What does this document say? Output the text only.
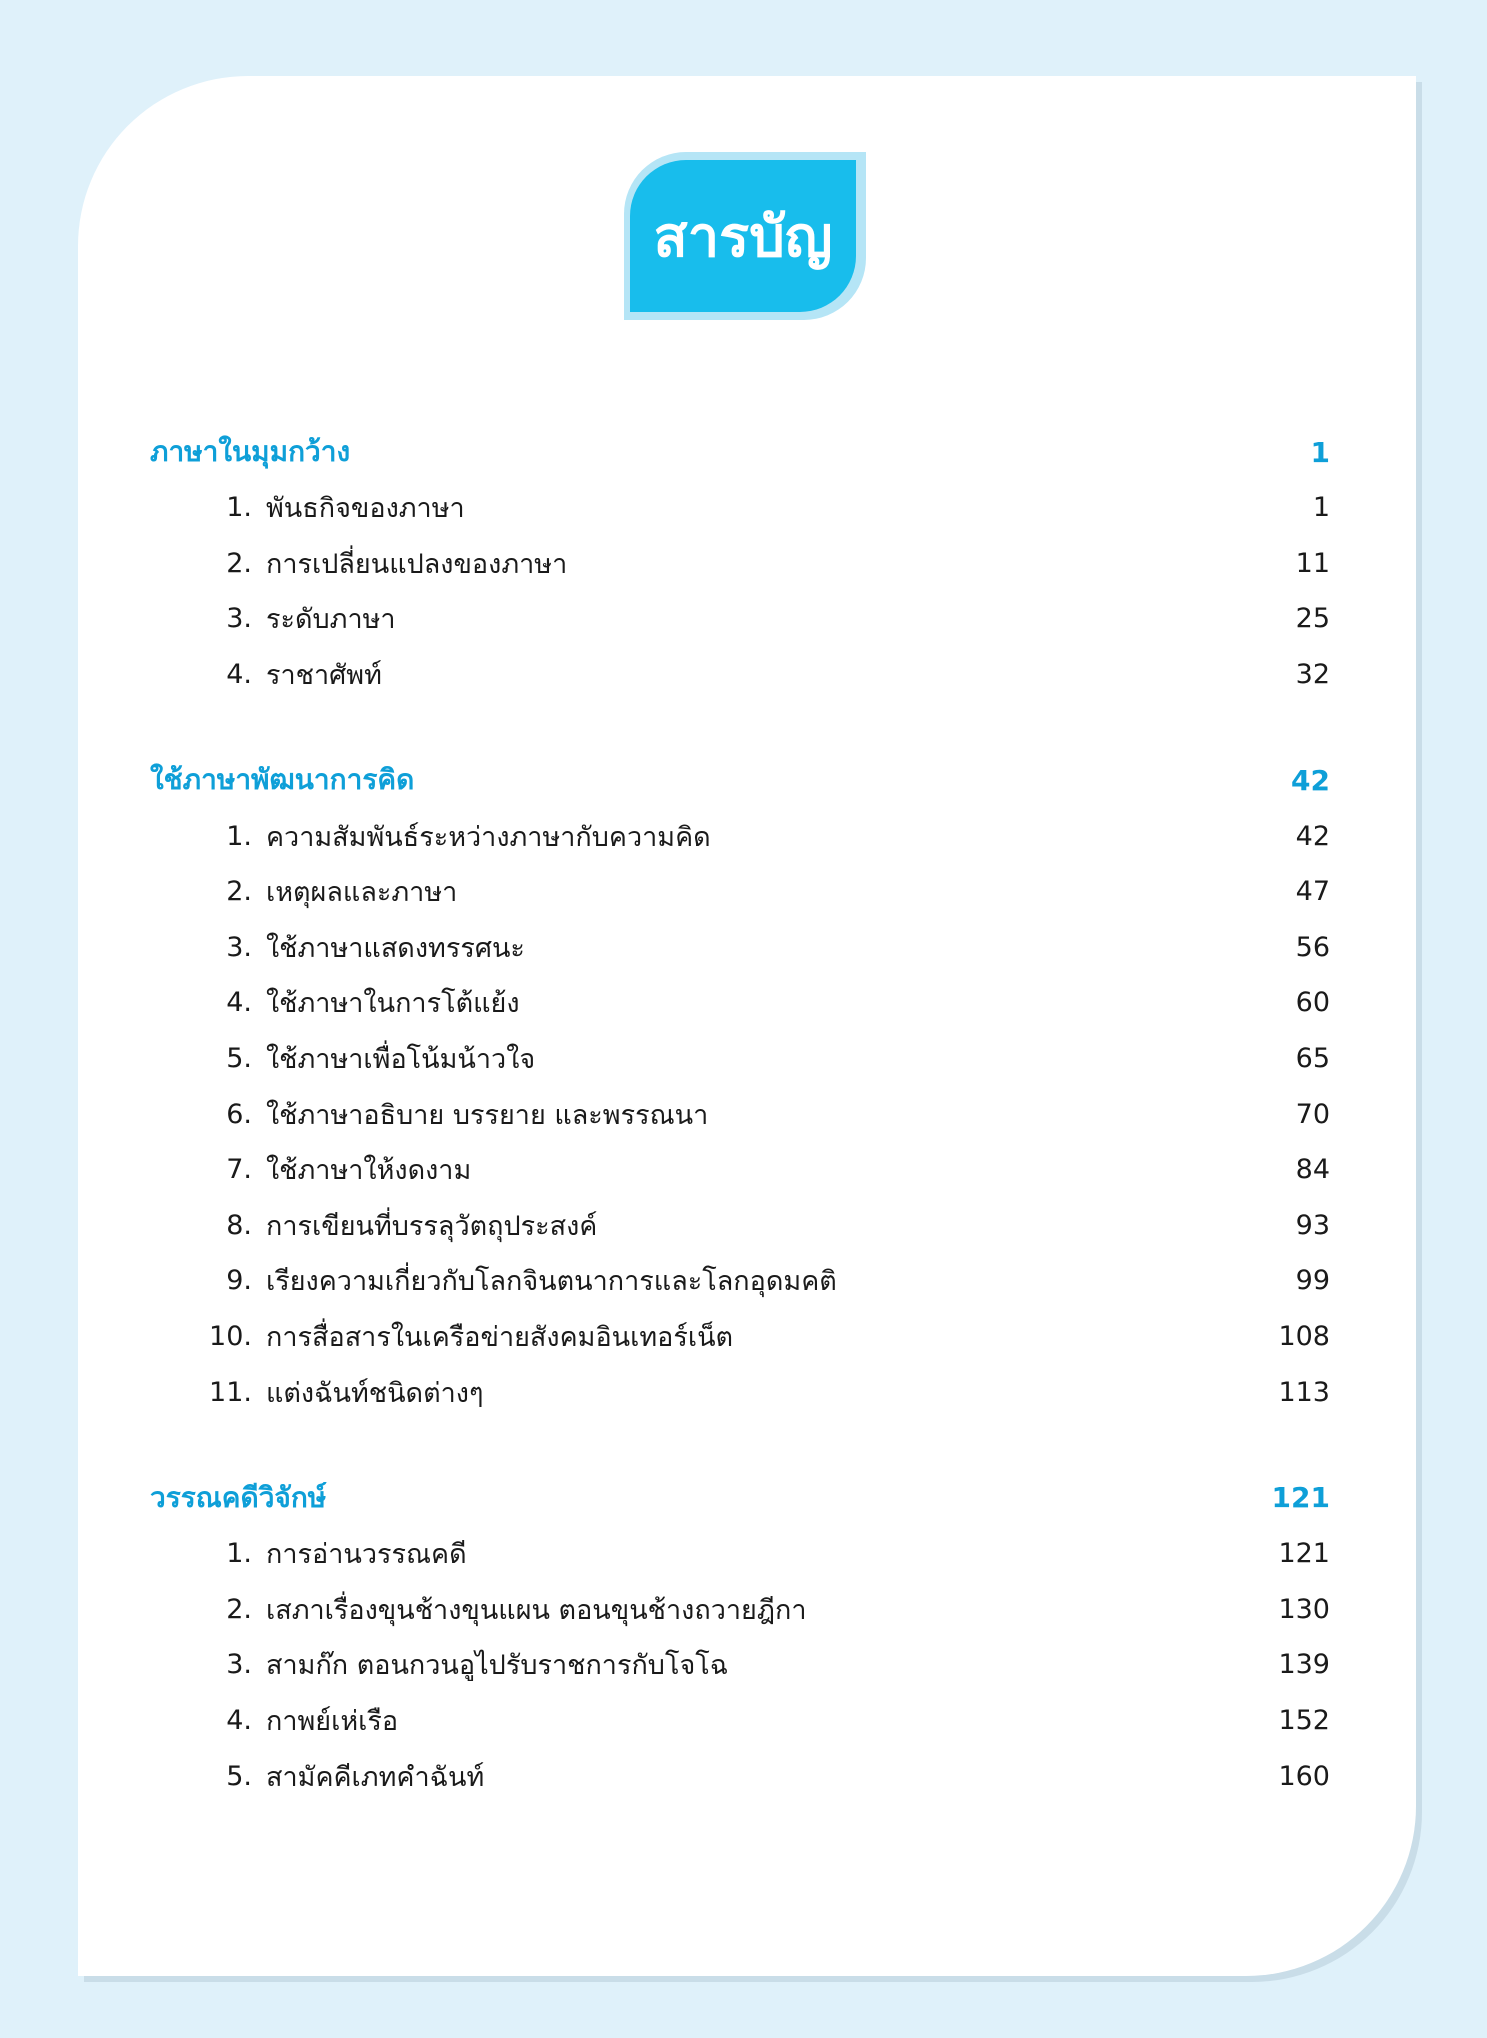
สารบัญ
ภาษาในมุมกว้าง	1
1. พันธกิจของภาษา	1
2. การเปลี่ยนแปลงของภาษา	11
3. ระดับภาษา	25
4. ราชาศัพท์	32
ใช้ภาษาพัฒนาการคิด	42
1. ความสัมพันธ์ระหว่างภาษากับความคิด	42
2. เหตุผลและภาษา	47
3. ใช้ภาษาแสดงทรรศนะ	56
4. ใช้ภาษาในการโต้แย้ง	60
5. ใช้ภาษาเพื่อโน้มน้าวใจ	65
6. ใช้ภาษาอธิบาย บรรยาย และพรรณนา	70
7. ใช้ภาษาให้งดงาม	84
8. การเขียนที่บรรลุวัตถุประสงค์	93
9. เรียงความเกี่ยวกับโลกจินตนาการและโลกอุดมคติ	99
10. การสื่อสารในเครือข่ายสังคมอินเทอร์เน็ต	108
11. แต่งฉันท์ชนิดต่างๆ	113
วรรณคดีวิจักษ์	121
1. การอ่านวรรณคดี	121
2. เสภาเรื่องขุนช้างขุนแผน ตอนขุนช้างถวายฎีกา	130
3. สามก๊ก ตอนกวนอูไปรับราชการกับโจโฉ	139
4. กาพย์เห่เรือ	152
5. สามัคคีเภทคำฉันท์	160
